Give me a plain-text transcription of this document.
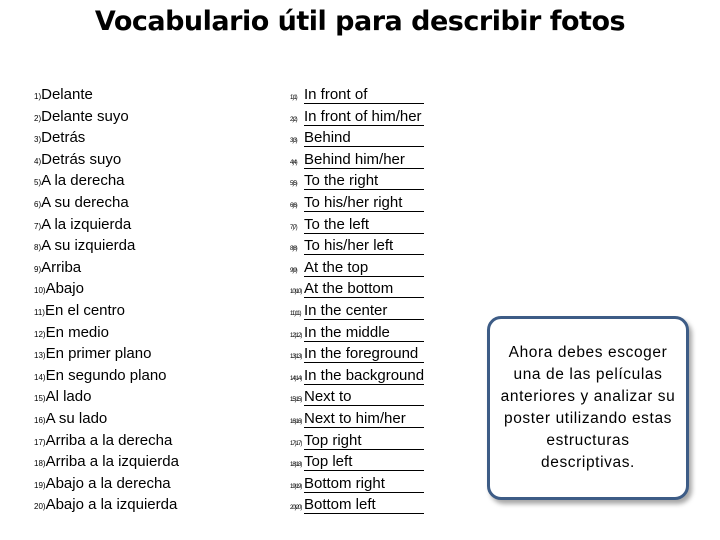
Vocabulario útil para describir fotos
1)Delante
2)Delante suyo
3)Detrás
4)Detrás suyo
5)A la derecha
6)A su derecha
7)A la izquierda
8)A su izquierda
9)Arriba
10)Abajo
11)En el centro
12)En medio
13)En primer plano
14)En segundo plano
15)Al lado
16)A su lado
17)Arriba a la derecha
18)Arriba a la izquierda
19)Abajo a la derecha
20)Abajo a la izquierda
1)1) In front of
2)2) In front of him/her
3)3) Behind
4)4) Behind him/her
5)5) To the right
6)6) To his/her right
7)7) To the left
8)8) To his/her left
9)9) At the top
10)10) At the bottom
11)11) In the center
12)12) In the middle
13)13) In the foreground
14)14) In the background
15)15) Next to
16)16) Next to him/her
17)17) Top right
18)18) Top left
19)19) Bottom right
20)20) Bottom left

Ahora debes escoger una de las películas anteriores y analizar su poster utilizando estas estructuras descriptivas.
